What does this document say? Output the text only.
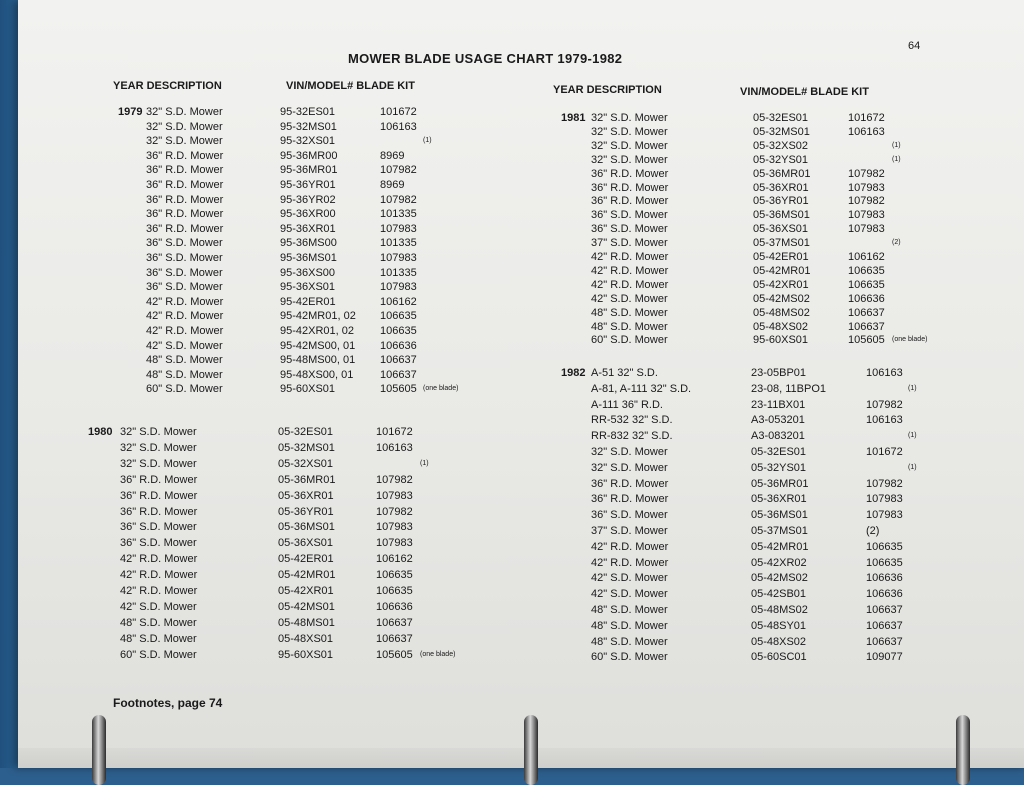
64
MOWER BLADE USAGE CHART 1979-1982
YEAR DESCRIPTION	VIN/MODEL# BLADE KIT	YEAR DESCRIPTION	VIN/MODEL# BLADE KIT
1979 32" S.D. Mower	95-32ES01	101672
32" S.D. Mower	95-32MS01	106163
32" S.D. Mower	95-32XS01	(1)
36" R.D. Mower	95-36MR00	8969
36" R.D. Mower	95-36MR01	107982
36" R.D. Mower	95-36YR01	8969
36" R.D. Mower	95-36YR02	107982
36" R.D. Mower	95-36XR00	101335
36" R.D. Mower	95-36XR01	107983
36" S.D. Mower	95-36MS00	101335
36" S.D. Mower	95-36MS01	107983
36" S.D. Mower	95-36XS00	101335
36" S.D. Mower	95-36XS01	107983
42" R.D. Mower	95-42ER01	106162
42" R.D. Mower	95-42MR01, 02 106635
42" R.D. Mower	95-42XR01, 02 106635
42" S.D. Mower	95-42MS00, 01 106636
48" S.D. Mower	95-48MS00, 01 106637
48" S.D. Mower	95-48XS00, 01 106637
60" S.D. Mower	95-60XS01	105605 (one blade)
1980 32" S.D. Mower	05-32ES01	101672
32" S.D. Mower	05-32MS01	106163
32" S.D. Mower	05-32XS01	(1)
36" R.D. Mower	05-36MR01	107982
36" R.D. Mower	05-36XR01	107983
36" R.D. Mower	05-36YR01	107982
36" S.D. Mower	05-36MS01	107983
36" S.D. Mower	05-36XS01	107983
42" R.D. Mower	05-42ER01	106162
42" R.D. Mower	05-42MR01	106635
42" R.D. Mower	05-42XR01	106635
42" S.D. Mower	05-42MS01	106636
48" S.D. Mower	05-48MS01	106637
48" S.D. Mower	05-48XS01	106637
60" S.D. Mower	95-60XS01	105605 (one blade)
1981 32" S.D. Mower	05-32ES01	101672
32" S.D. Mower	05-32MS01	106163
32" S.D. Mower	05-32XS02	(1)
32" S.D. Mower	05-32YS01	(1)
36" R.D. Mower	05-36MR01	107982
36" R.D. Mower	05-36XR01	107983
36" R.D. Mower	05-36YR01	107982
36" S.D. Mower	05-36MS01	107983
36" S.D. Mower	05-36XS01	107983
37" S.D. Mower	05-37MS01	(2)
42" R.D. Mower	05-42ER01	106162
42" R.D. Mower	05-42MR01	106635
42" R.D. Mower	05-42XR01	106635
42" S.D. Mower	05-42MS02	106636
48" S.D. Mower	05-48MS02	106637
48" S.D. Mower	05-48XS02	106637
60" S.D. Mower	95-60XS01	105605 (one blade)
1982 A-51 32" S.D.	23-05BP01	106163
A-81, A-111 32" S.D.	23-08, 11BPO1	(1)
A-111 36" R.D.	23-11BX01	107982
RR-532 32" S.D.	A3-053201	106163
RR-832 32" S.D.	A3-083201	(1)
32" S.D. Mower	05-32ES01	101672
32" S.D. Mower	05-32YS01	(1)
36" R.D. Mower	05-36MR01	107982
36" R.D. Mower	05-36XR01	107983
36" S.D. Mower	05-36MS01	107983
37" S.D. Mower	05-37MS01	(2)
42" R.D. Mower	05-42MR01	106635
42" R.D. Mower	05-42XR02	106635
42" S.D. Mower	05-42MS02	106636
42" S.D. Mower	05-42SB01	106636
48" S.D. Mower	05-48MS02	106637
48" S.D. Mower	05-48SY01	106637
48" S.D. Mower	05-48XS02	106637
60" S.D. Mower	05-60SC01	109077
Footnotes, page 74
